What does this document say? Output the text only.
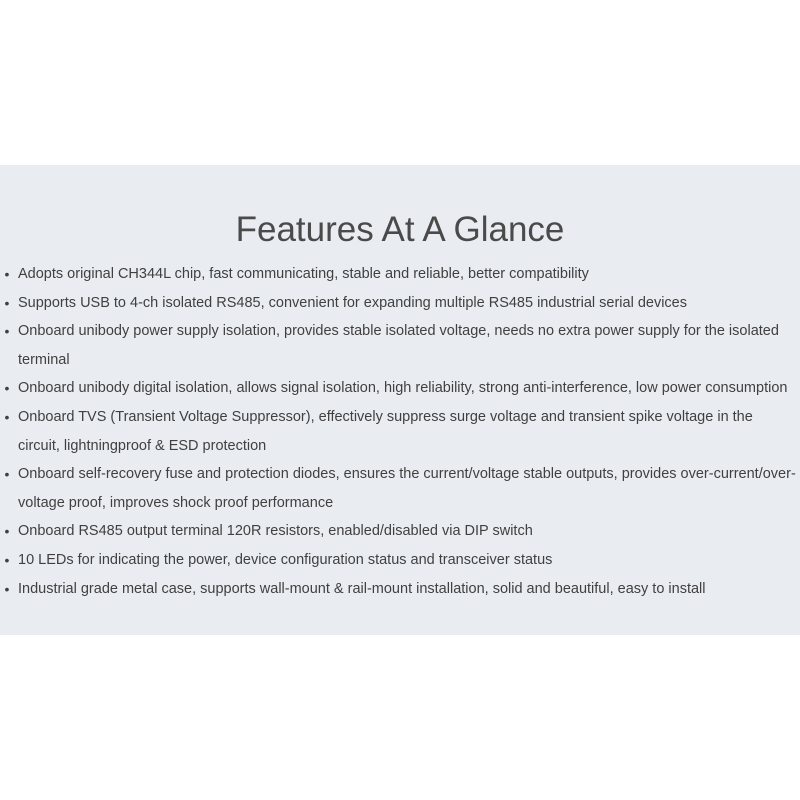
Features At A Glance
• Adopts original CH344L chip, fast communicating, stable and reliable, better compatibility
• Supports USB to 4-ch isolated RS485, convenient for expanding multiple RS485 industrial serial devices
• Onboard unibody power supply isolation, provides stable isolated voltage, needs no extra power supply for the isolated terminal
• Onboard unibody digital isolation, allows signal isolation, high reliability, strong anti-interference, low power consumption
• Onboard TVS (Transient Voltage Suppressor), effectively suppress surge voltage and transient spike voltage in the circuit, lightningproof & ESD protection
• Onboard self-recovery fuse and protection diodes, ensures the current/voltage stable outputs, provides over-current/over-voltage proof, improves shock proof performance
• Onboard RS485 output terminal 120R resistors, enabled/disabled via DIP switch
• 10 LEDs for indicating the power, device configuration status and transceiver status
• Industrial grade metal case, supports wall-mount & rail-mount installation, solid and beautiful, easy to install
